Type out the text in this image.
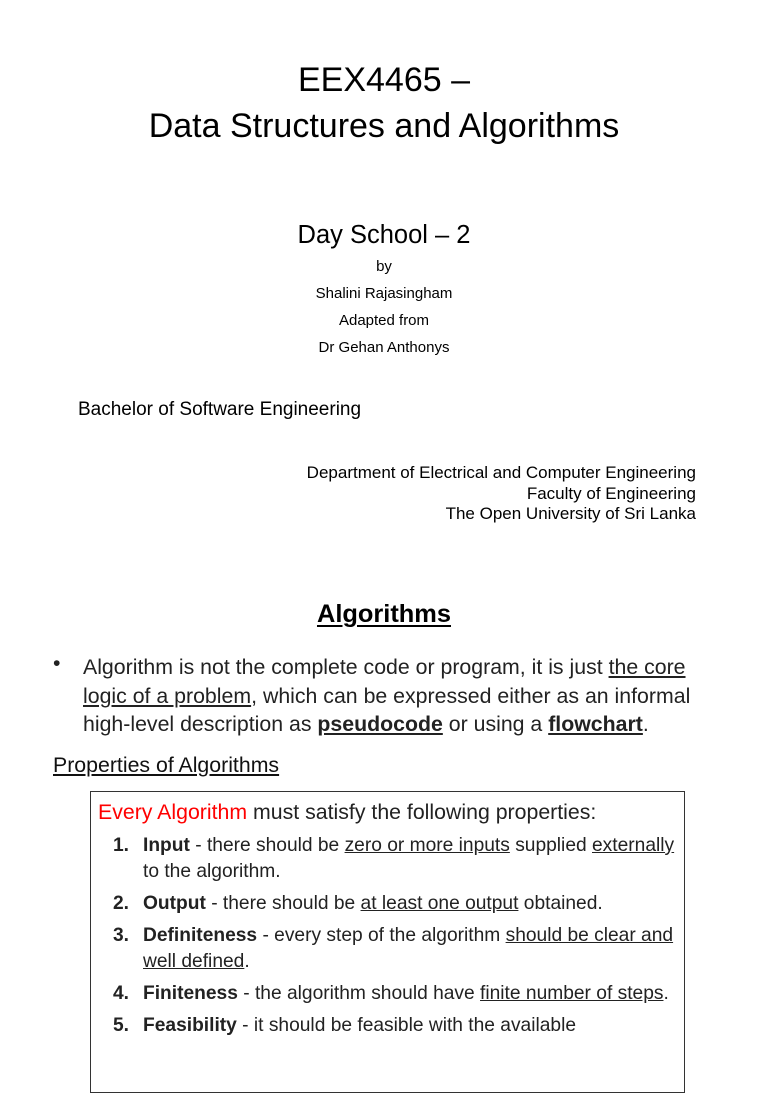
EEX4465 –
Data Structures and Algorithms
Day School – 2
by
Shalini Rajasingham
Adapted from
Dr Gehan Anthonys
Bachelor of Software Engineering
Department of Electrical and Computer Engineering
Faculty of Engineering
The Open University of Sri Lanka
Algorithms
• Algorithm is not the complete code or program, it is just the core
logic of a problem, which can be expressed either as an informal
high-level description as pseudocode or using a flowchart.
Properties of Algorithms
Every Algorithm must satisfy the following properties:
1. Input - there should be zero or more inputs supplied externally
to the algorithm.
2. Output - there should be at least one output obtained.
3. Definiteness - every step of the algorithm should be clear and
well defined.
4. Finiteness - the algorithm should have finite number of steps.
5. Feasibility - it should be feasible with the available
